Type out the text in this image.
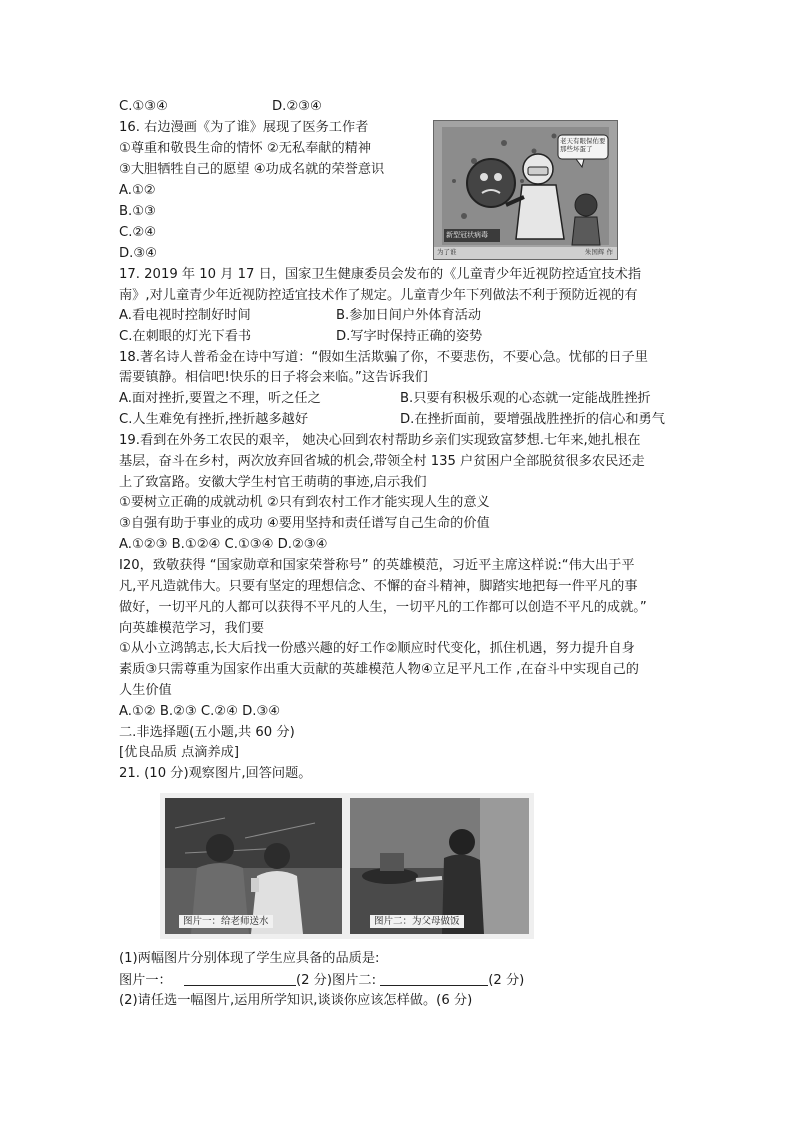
C.①③④	D.②③④
16. 右边漫画《为了谁》展现了医务工作者
①尊重和敬畏生命的情怀 ②无私奉献的精神
③大胆牺牲自己的愿望 ④功成名就的荣誉意识
A.①②
B.①③
C.②④
D.③④
老天有眼保佑要那些坏蛋了
新型冠状病毒
为了谁	朱国辉 作
17. 2019 年 10 月 17 日，国家卫生健康委员会发布的《儿童青少年近视防控适宜技术指
南》,对儿童青少年近视防控适宜技术作了规定。儿童青少年下列做法不利于预防近视的有
A.看电视时控制好时间	B.参加日间户外体育活动
C.在刺眼的灯光下看书	D.写字时保持正确的姿势
18.著名诗人普希金在诗中写道：“假如生活欺骗了你，不要悲伤，不要心急。忧郁的日子里
需要镇静。相信吧!快乐的日子将会来临。”这告诉我们
A.面对挫折,要置之不理，听之任之	B.只要有积极乐观的心态就一定能战胜挫折
C.人生难免有挫折,挫折越多越好	D.在挫折面前，要增强战胜挫折的信心和勇气
19.看到在外务工农民的艰辛， 她决心回到农村帮助乡亲们实现致富梦想.七年来,她扎根在
基层，奋斗在乡村，两次放弃回省城的机会,带领全村 135 户贫困户全部脱贫很多农民还走
上了致富路。安徽大学生村官王萌萌的事迹,启示我们
①要树立正确的成就动机 ②只有到农村工作才能实现人生的意义
③自强有助于事业的成功 ④要用坚持和责任谱写自己生命的价值
A.①②③ B.①②④ C.①③④ D.②③④
I20，致敬获得 “国家勋章和国家荣誉称号” 的英雄模范，习近平主席这样说:“伟大出于平
凡,平凡造就伟大。只要有坚定的理想信念、不懈的奋斗精神，脚踏实地把每一件平凡的事
做好，一切平凡的人都可以获得不平凡的人生，一切平凡的工作都可以创造不平凡的成就。”
向英雄模范学习，我们要
①从小立鸿鹄志,长大后找一份感兴趣的好工作②顺应时代变化，抓住机遇，努力提升自身
素质③只需尊重为国家作出重大贡献的英雄模范人物④立足平凡工作 ,在奋斗中实现自己的
人生价值
A.①② B.②③ C.②④ D.③④
二.非选择题(五小题,共 60 分)
[优良品质 点滴养成]
21. (10 分)观察图片,回答问题。
图片一：给老师送水	图片二：为父母做饭
(1)两幅图片分别体现了学生应具备的品质是:
图片一：	(2 分)图片二:	(2 分)
(2)请任选一幅图片,运用所学知识,谈谈你应该怎样做。(6 分)
